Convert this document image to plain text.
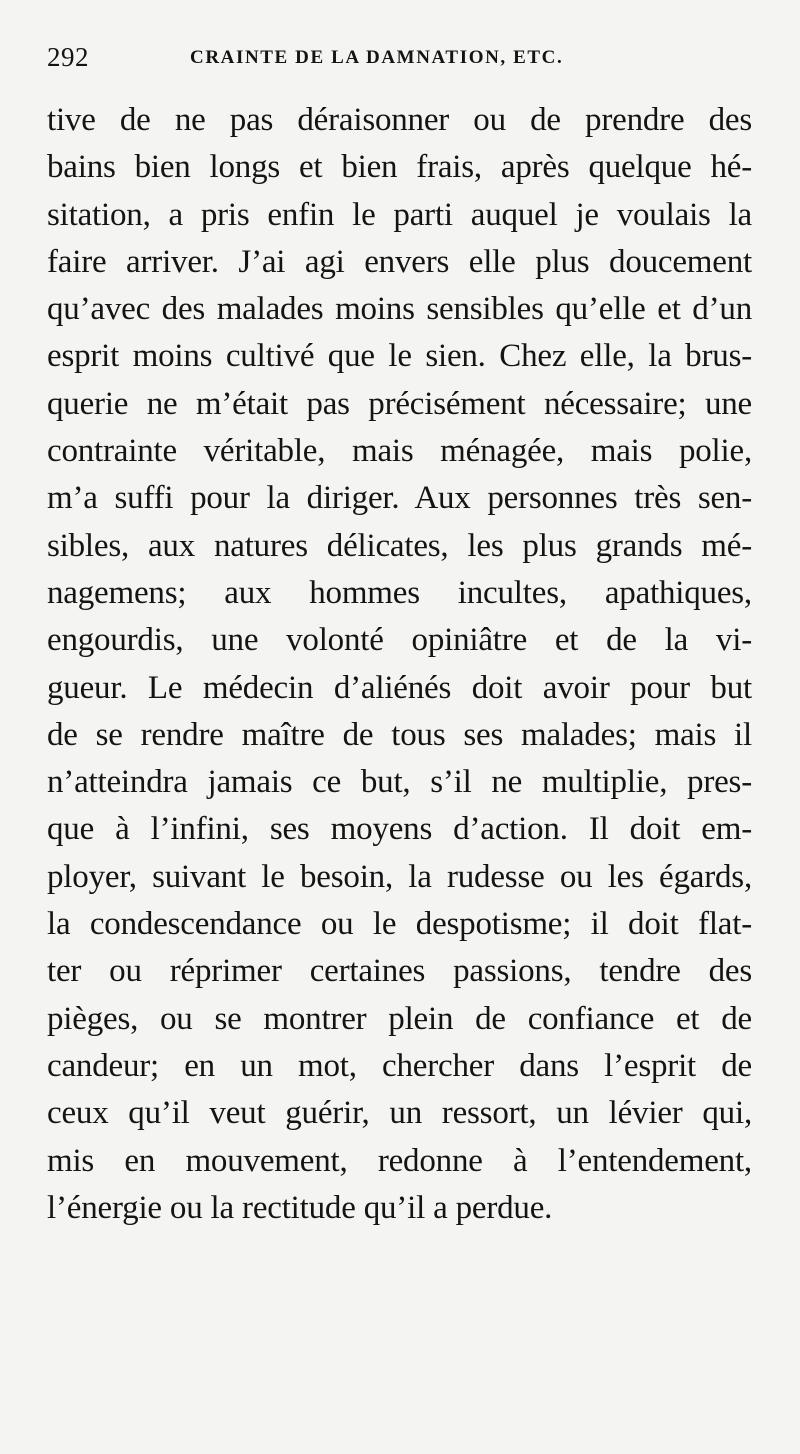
292	CRAINTE DE LA DAMNATION, ETC.
tive de ne pas déraisonner ou de prendre des
bains bien longs et bien frais, après quelque hé-
sitation, a pris enfin le parti auquel je voulais la
faire arriver. J’ai agi envers elle plus doucement
qu’avec des malades moins sensibles qu’elle et d’un
esprit moins cultivé que le sien. Chez elle, la brus-
querie ne m’était pas précisément nécessaire; une
contrainte véritable, mais ménagée, mais polie,
m’a suffi pour la diriger. Aux personnes très sen-
sibles, aux natures délicates, les plus grands mé-
nagemens; aux hommes incultes, apathiques,
engourdis, une volonté opiniâtre et de la vi-
gueur. Le médecin d’aliénés doit avoir pour but
de se rendre maître de tous ses malades; mais il
n’atteindra jamais ce but, s’il ne multiplie, pres-
que à l’infini, ses moyens d’action. Il doit em-
ployer, suivant le besoin, la rudesse ou les égards,
la condescendance ou le despotisme; il doit flat-
ter ou réprimer certaines passions, tendre des
pièges, ou se montrer plein de confiance et de
candeur; en un mot, chercher dans l’esprit de
ceux qu’il veut guérir, un ressort, un lévier qui,
mis en mouvement, redonne à l’entendement,
l’énergie ou la rectitude qu’il a perdue.
